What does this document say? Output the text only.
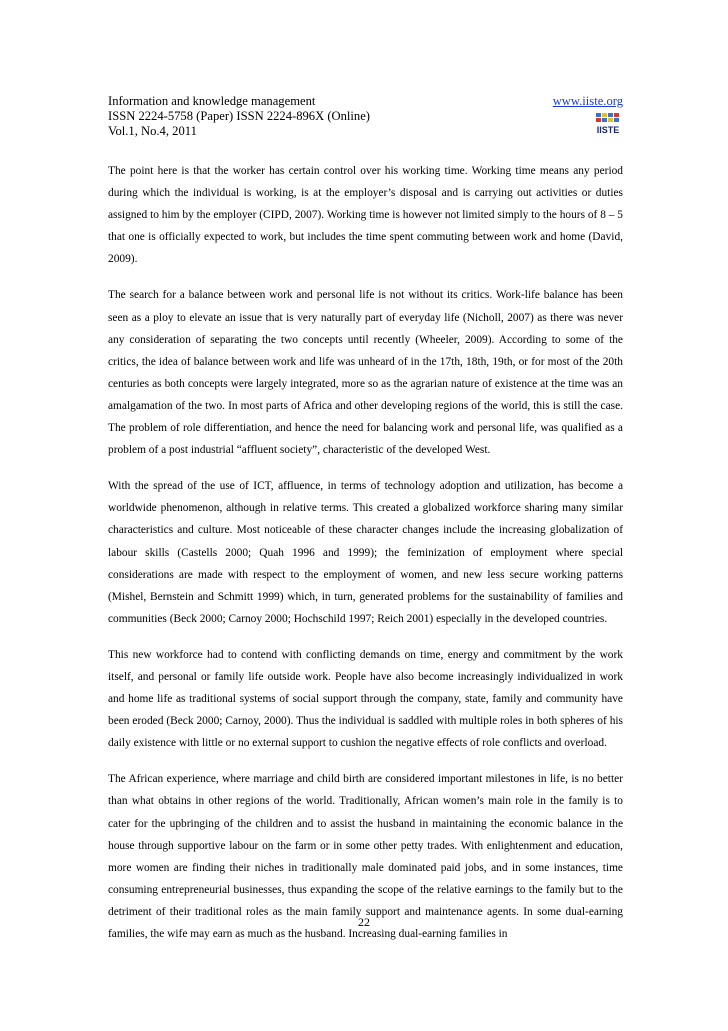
Information and knowledge management
ISSN 2224-5758 (Paper) ISSN 2224-896X (Online)
Vol.1, No.4, 2011
www.iiste.org
IISTE

The point here is that the worker has certain control over his working time. Working time means any period during which the individual is working, is at the employer’s disposal and is carrying out activities or duties assigned to him by the employer (CIPD, 2007). Working time is however not limited simply to the hours of 8 – 5 that one is officially expected to work, but includes the time spent commuting between work and home (David, 2009).

The search for a balance between work and personal life is not without its critics. Work-life balance has been seen as a ploy to elevate an issue that is very naturally part of everyday life (Nicholl, 2007) as there was never any consideration of separating the two concepts until recently (Wheeler, 2009). According to some of the critics, the idea of balance between work and life was unheard of in the 17th, 18th, 19th, or for most of the 20th centuries as both concepts were largely integrated, more so as the agrarian nature of existence at the time was an amalgamation of the two. In most parts of Africa and other developing regions of the world, this is still the case. The problem of role differentiation, and hence the need for balancing work and personal life, was qualified as a problem of a post industrial “affluent society”, characteristic of the developed West.

With the spread of the use of ICT, affluence, in terms of technology adoption and utilization, has become a worldwide phenomenon, although in relative terms. This created a globalized workforce sharing many similar characteristics and culture. Most noticeable of these character changes include the increasing globalization of labour skills (Castells 2000; Quah 1996 and 1999); the feminization of employment where special considerations are made with respect to the employment of women, and new less secure working patterns (Mishel, Bernstein and Schmitt 1999) which, in turn, generated problems for the sustainability of families and communities (Beck 2000; Carnoy 2000; Hochschild 1997; Reich 2001) especially in the developed countries.

This new workforce had to contend with conflicting demands on time, energy and commitment by the work itself, and personal or family life outside work. People have also become increasingly individualized in work and home life as traditional systems of social support through the company, state, family and community have been eroded (Beck 2000; Carnoy, 2000). Thus the individual is saddled with multiple roles in both spheres of his daily existence with little or no external support to cushion the negative effects of role conflicts and overload.

The African experience, where marriage and child birth are considered important milestones in life, is no better than what obtains in other regions of the world. Traditionally, African women’s main role in the family is to cater for the upbringing of the children and to assist the husband in maintaining the economic balance in the house through supportive labour on the farm or in some other petty trades. With enlightenment and education, more women are finding their niches in traditionally male dominated paid jobs, and in some instances, time consuming entrepreneurial businesses, thus expanding the scope of the relative earnings to the family but to the detriment of their traditional roles as the main family support and maintenance agents. In some dual-earning families, the wife may earn as much as the husband. Increasing dual-earning families in

22
